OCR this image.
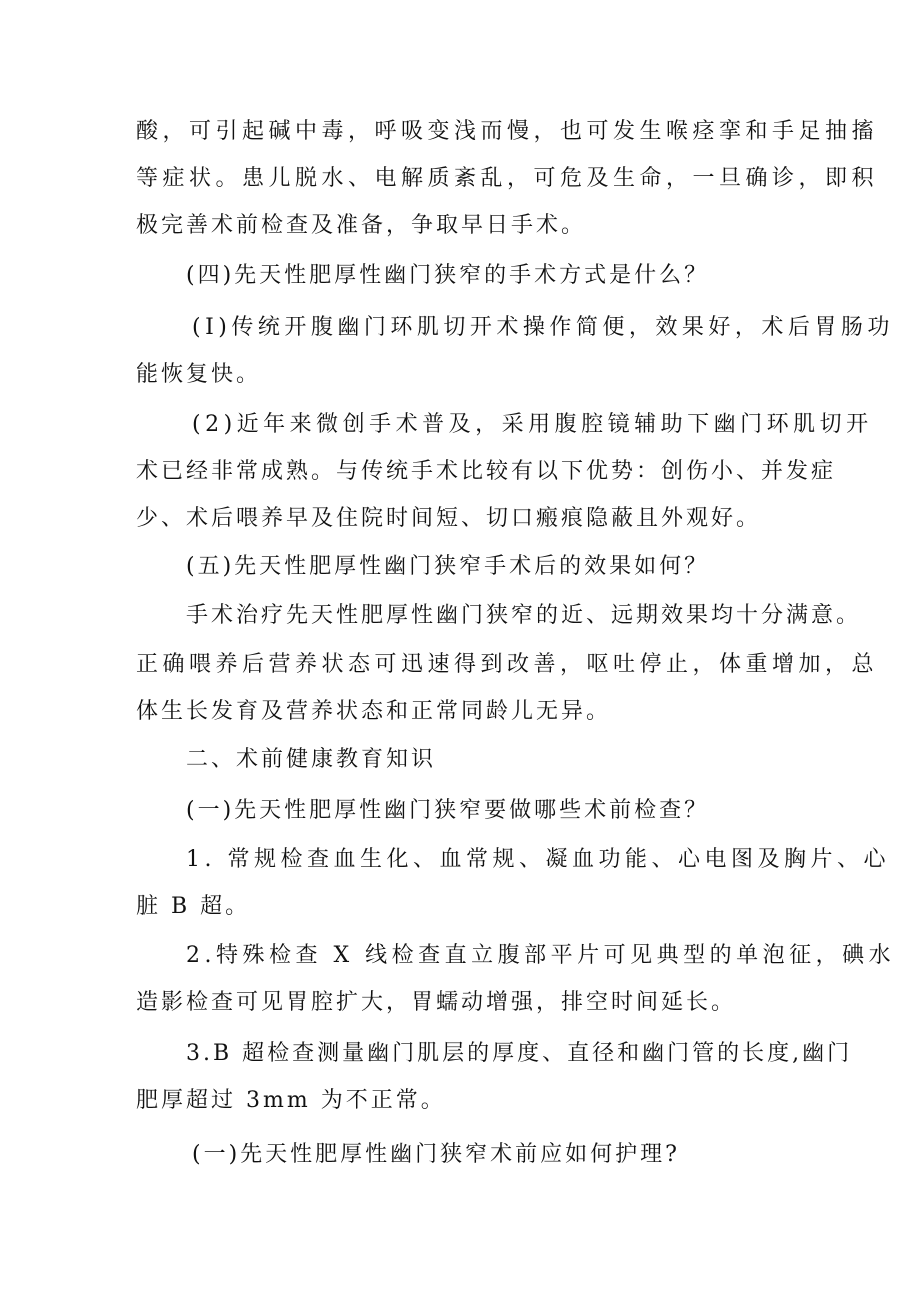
酸，可引起碱中毒，呼吸变浅而慢，也可发生喉痉挛和手足抽搐
等症状。患儿脱水、电解质紊乱，可危及生命，一旦确诊，即积
极完善术前检查及准备，争取早日手术。
(四)先天性肥厚性幽门狭窄的手术方式是什么？
(I)传统开腹幽门环肌切开术操作简便，效果好，术后胃肠功
能恢复快。
(2)近年来微创手术普及，采用腹腔镜辅助下幽门环肌切开
术已经非常成熟。与传统手术比较有以下优势：创伤小、并发症
少、术后喂养早及住院时间短、切口瘢痕隐蔽且外观好。
(五)先天性肥厚性幽门狭窄手术后的效果如何？
手术治疗先天性肥厚性幽门狭窄的近、远期效果均十分满意。
正确喂养后营养状态可迅速得到改善，呕吐停止，体重增加，总
体生长发育及营养状态和正常同龄儿无异。
二、术前健康教育知识
(一)先天性肥厚性幽门狭窄要做哪些术前检查？
1. 常规检查血生化、血常规、凝血功能、心电图及胸片、心
脏 B 超。
2.特殊检查 X 线检查直立腹部平片可见典型的单泡征，碘水
造影检查可见胃腔扩大，胃蠕动增强，排空时间延长。
3.B 超检查测量幽门肌层的厚度、直径和幽门管的长度,幽门
肥厚超过 3mm 为不正常。
(一)先天性肥厚性幽门狭窄术前应如何护理?
